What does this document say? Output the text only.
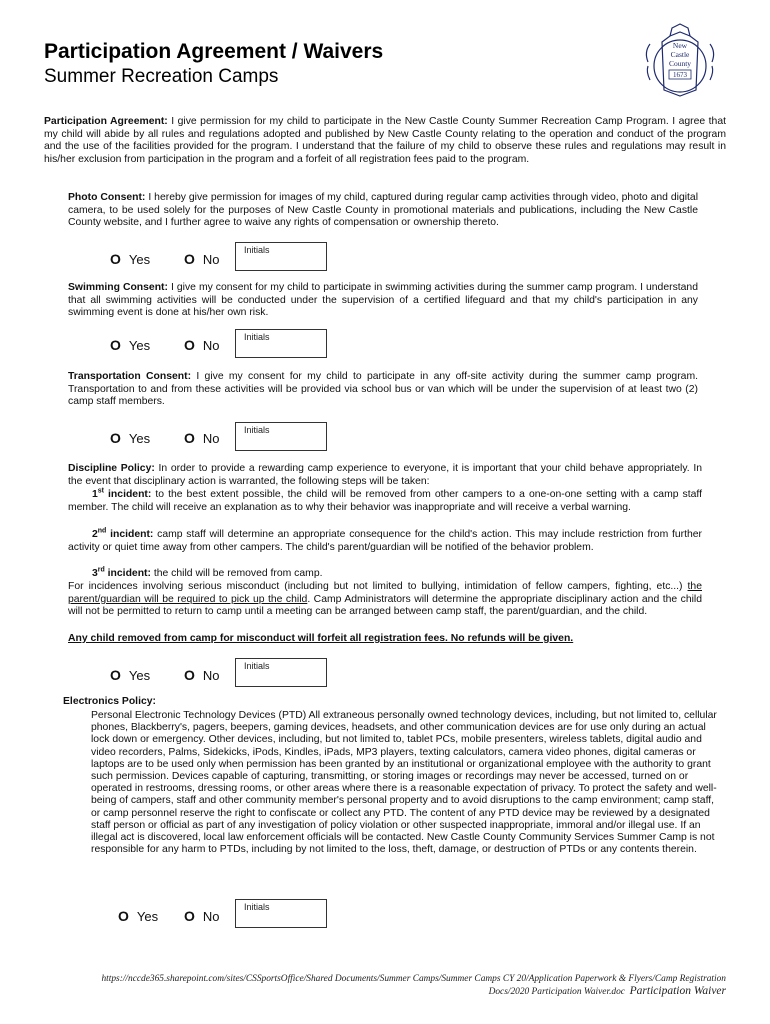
Participation Agreement / Waivers
Summer Recreation Camps
New
Castle
County
1673
Participation Agreement: I give permission for my child to participate in the New Castle County Summer Recreation Camp Program. I agree that my child will abide by all rules and regulations adopted and published by New Castle County relating to the operation and conduct of the program and the use of the facilities provided for the program. I understand that the failure of my child to observe these rules and regulations may result in his/her exclusion from participation in the program and a forfeit of all registration fees paid to the program.
Photo Consent: I hereby give permission for images of my child, captured during regular camp activities through video, photo and digital camera, to be used solely for the purposes of New Castle County in promotional materials and publications, including the New Castle County website, and I further agree to waive any rights of compensation or ownership thereto.
O Yes O No
Initials
Swimming Consent: I give my consent for my child to participate in swimming activities during the summer camp program. I understand that all swimming activities will be conducted under the supervision of a certified lifeguard and that my child's participation in any swimming event is done at his/her own risk.
O Yes O No
Initials
Transportation Consent: I give my consent for my child to participate in any off-site activity during the summer camp program. Transportation to and from these activities will be provided via school bus or van which will be under the supervision of at least two (2) camp staff members.
O Yes O No
Initials
Discipline Policy: In order to provide a rewarding camp experience to everyone, it is important that your child behave appropriately. In the event that disciplinary action is warranted, the following steps will be taken:
1st incident: to the best extent possible, the child will be removed from other campers to a one-on-one setting with a camp staff member. The child will receive an explanation as to why their behavior was inappropriate and will receive a verbal warning.
2nd incident: camp staff will determine an appropriate consequence for the child's action. This may include restriction from further activity or quiet time away from other campers. The child's parent/guardian will be notified of the behavior problem.
3rd incident: the child will be removed from camp.
For incidences involving serious misconduct (including but not limited to bullying, intimidation of fellow campers, fighting, etc...) the parent/guardian will be required to pick up the child. Camp Administrators will determine the appropriate disciplinary action and the child will not be permitted to return to camp until a meeting can be arranged between camp staff, the parent/guardian, and the child.
Any child removed from camp for misconduct will forfeit all registration fees. No refunds will be given.
O Yes O No
Initials
Electronics Policy:
Personal Electronic Technology Devices (PTD) All extraneous personally owned technology devices, including, but not limited to, cellular phones, Blackberry's, pagers, beepers, gaming devices, headsets, and other communication devices are for use only during an actual lock down or emergency. Other devices, including, but not limited to, tablet PCs, mobile presenters, wireless tablets, digital audio and video recorders, Palms, Sidekicks, iPods, Kindles, iPads, MP3 players, texting calculators, camera video phones, digital cameras or laptops are to be used only when permission has been granted by an institutional or organizational employee with the authority to grant such permission. Devices capable of capturing, transmitting, or storing images or recordings may never be accessed, turned on or operated in restrooms, dressing rooms, or other areas where there is a reasonable expectation of privacy. To protect the safety and well-being of campers, staff and other community member's personal property and to avoid disruptions to the camp environment; camp staff, or camp personnel reserve the right to confiscate or collect any PTD. The content of any PTD device may be reviewed by a designated staff person or official as part of any investigation of policy violation or other suspected inappropriate, immoral and/or illegal use. If an illegal act is discovered, local law enforcement officials will be contacted. New Castle County Community Services Summer Camp is not responsible for any harm to PTDs, including by not limited to the loss, theft, damage, or destruction of PTDs or any contents therein.
O Yes O No
Initials
https://nccde365.sharepoint.com/sites/CSSportsOffice/Shared Documents/Summer Camps/Summer Camps CY 20/Application Paperwork & Flyers/Camp Registration
Docs/2020 Participation Waiver.doc Participation Waiver
